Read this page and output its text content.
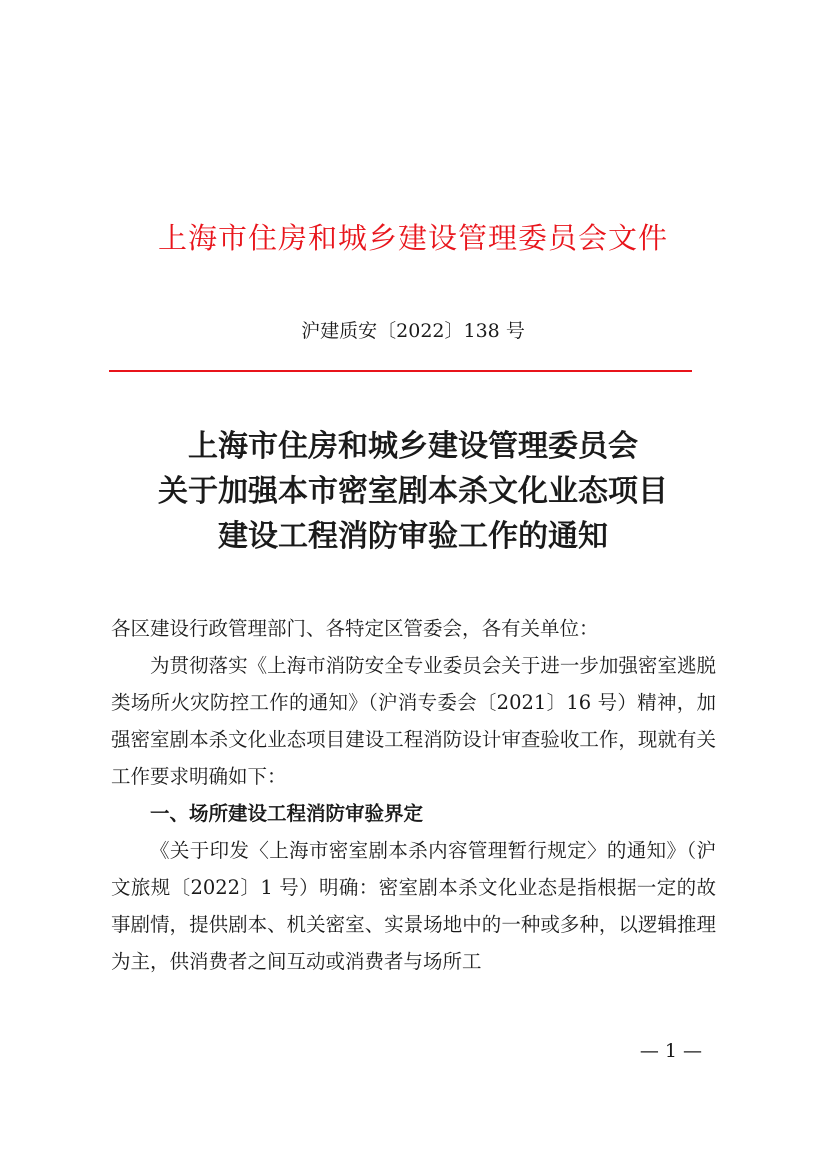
上海市住房和城乡建设管理委员会文件
沪建质安〔2022〕138 号
上海市住房和城乡建设管理委员会
关于加强本市密室剧本杀文化业态项目
建设工程消防审验工作的通知

各区建设行政管理部门、各特定区管委会，各有关单位：

为贯彻落实《上海市消防安全专业委员会关于进一步加强密室逃脱类场所火灾防控工作的通知》（沪消专委会〔2021〕16 号）精神，加强密室剧本杀文化业态项目建设工程消防设计审查验收工作，现就有关工作要求明确如下：

一、场所建设工程消防审验界定

《关于印发〈上海市密室剧本杀内容管理暂行规定〉的通知》（沪文旅规〔2022〕1 号）明确：密室剧本杀文化业态是指根据一定的故事剧情，提供剧本、机关密室、实景场地中的一种或多种，以逻辑推理为主，供消费者之间互动或消费者与场所工

— 1 —
